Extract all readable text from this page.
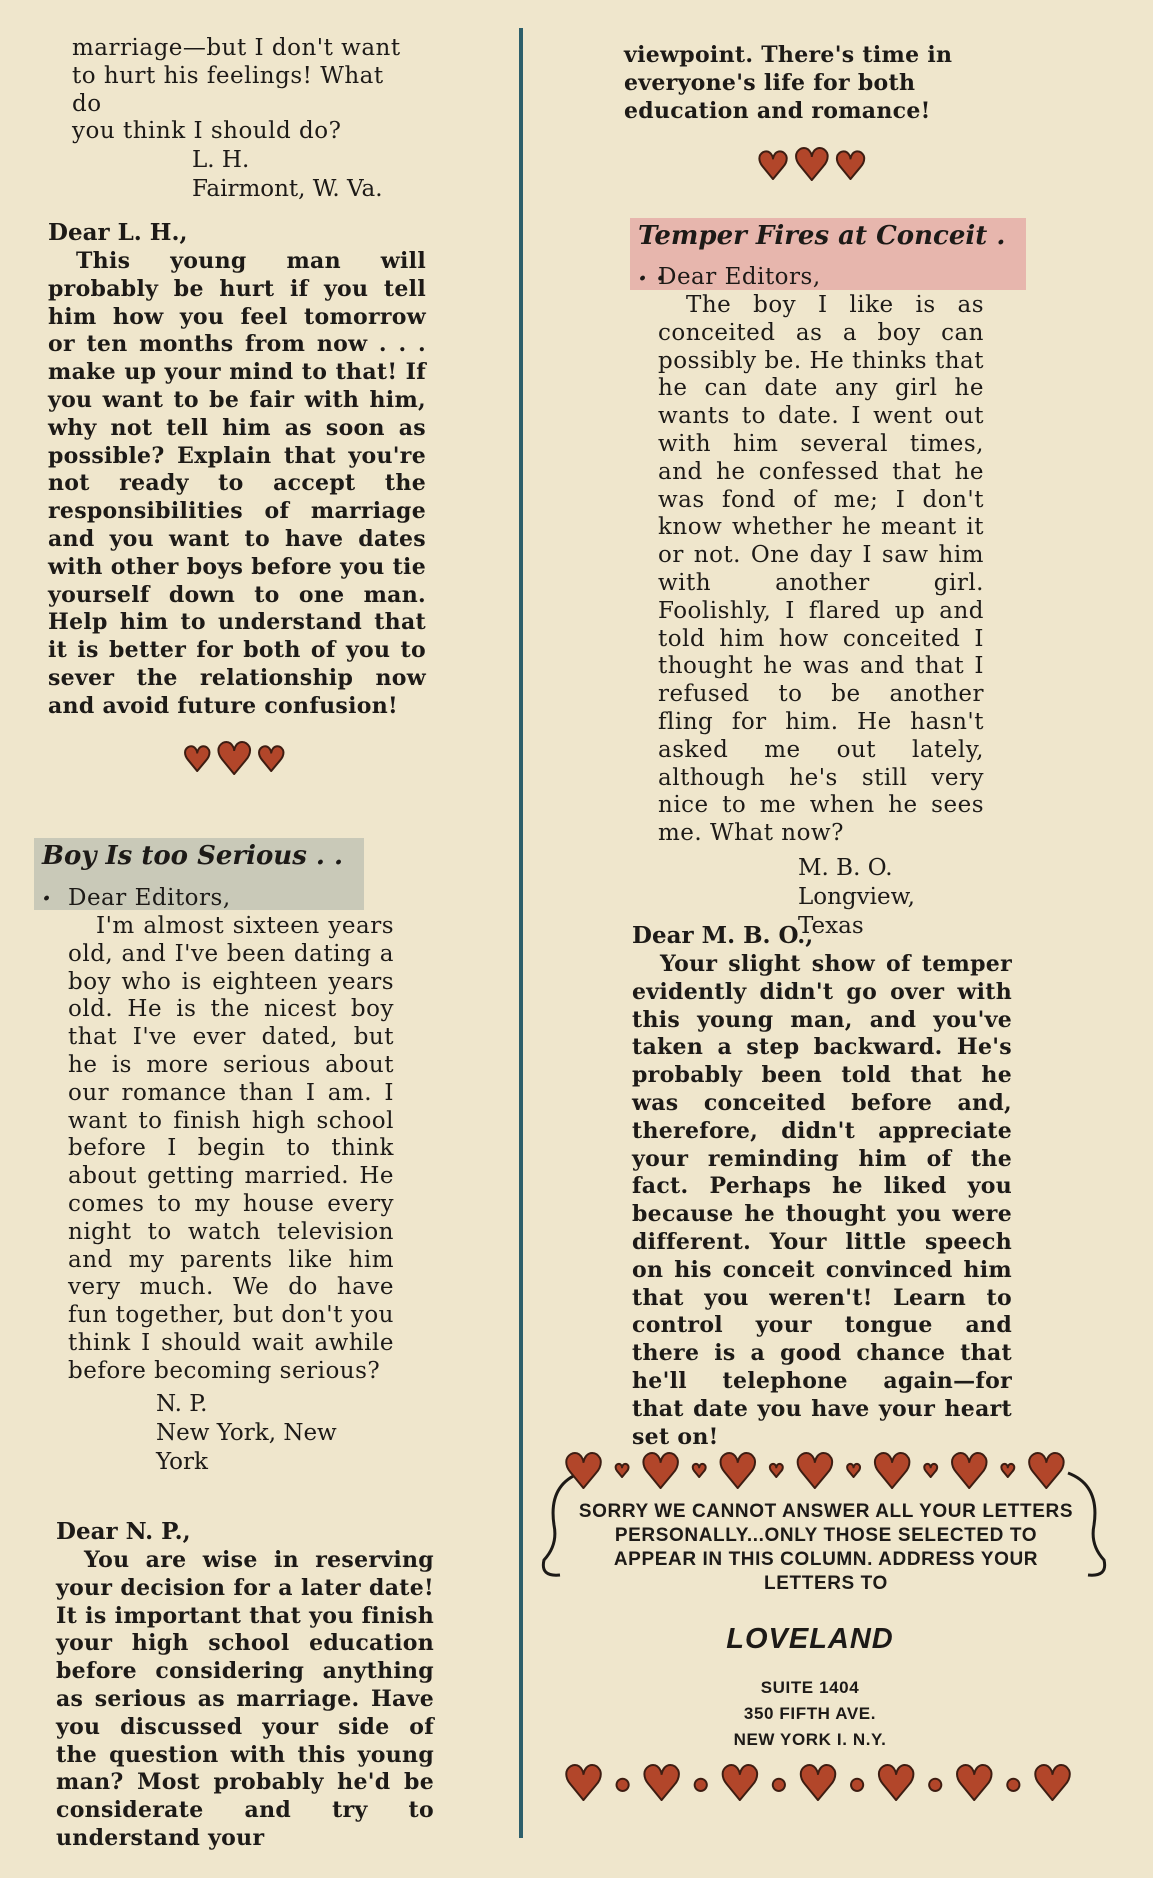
marriage—but I don't want

to hurt his feelings! What do

you think I should do?

L. H.

Fairmont, W. Va.

Dear L. H.,

This young man will probably be hurt if you tell him how you feel tomorrow or ten months from now . . . make up your mind to that! If you want to be fair with him, why not tell him as soon as possible? Explain that you're not ready to accept the responsibilities of marriage and you want to have dates with other boys before you tie yourself down to one man. Help him to understand that it is better for both of you to sever the relationship now and avoid future confusion!

♥ ♥ ♥
Boy Is too Serious . . . Dear Editors,

I'm almost sixteen years old, and I've been dating a boy who is eighteen years old. He is the nicest boy that I've ever dated, but he is more serious about our romance than I am. I want to finish high school before I begin to think about getting married. He comes to my house every night to watch television and my parents like him very much. We do have fun together, but don't you think I should wait awhile before becoming serious?

N. P.

New York, New York

Dear N. P.,

You are wise in reserving your decision for a later date! It is important that you finish your high school education before considering anything as serious as marriage. Have you discussed your side of the question with this young man? Most probably he'd be considerate and try to understand your

viewpoint. There's time in everyone's life for both education and romance!

♥ ♥ ♥
Temper Fires at Conceit . . .

Dear Editors,

The boy I like is as conceited as a boy can possibly be. He thinks that he can date any girl he wants to date. I went out with him several times, and he confessed that he was fond of me; I don't know whether he meant it or not. One day I saw him with another girl. Foolishly, I flared up and told him how conceited I thought he was and that I refused to be another fling for him. He hasn't asked me out lately, although he's still very nice to me when he sees me. What now?

M. B. O.

Longview, Texas

Dear M. B. O.,

Your slight show of temper evidently didn't go over with this young man, and you've taken a step backward. He's probably been told that he was conceited before and, therefore, didn't appreciate your reminding him of the fact. Perhaps he liked you because he thought you were different. Your little speech on his conceit convinced him that you weren't! Learn to control your tongue and there is a good chance that he'll telephone again—for that date you have your heart set on!

♥ ♥ ♥ ♥ ♥ ♥ ♥ ♥ ♥ ♥ ♥ ♥ ♥
SORRY WE CANNOT ANSWER ALL YOUR LETTERS
PERSONALLY...ONLY THOSE SELECTED TO
APPEAR IN THIS COLUMN. ADDRESS YOUR
LETTERS TO
LOVELAND
SUITE 1404
350 FIFTH AVE.
NEW YORK I. N.Y.
♥ ● ♥ ● ♥ ● ♥ ● ♥ ● ♥ ● ♥
